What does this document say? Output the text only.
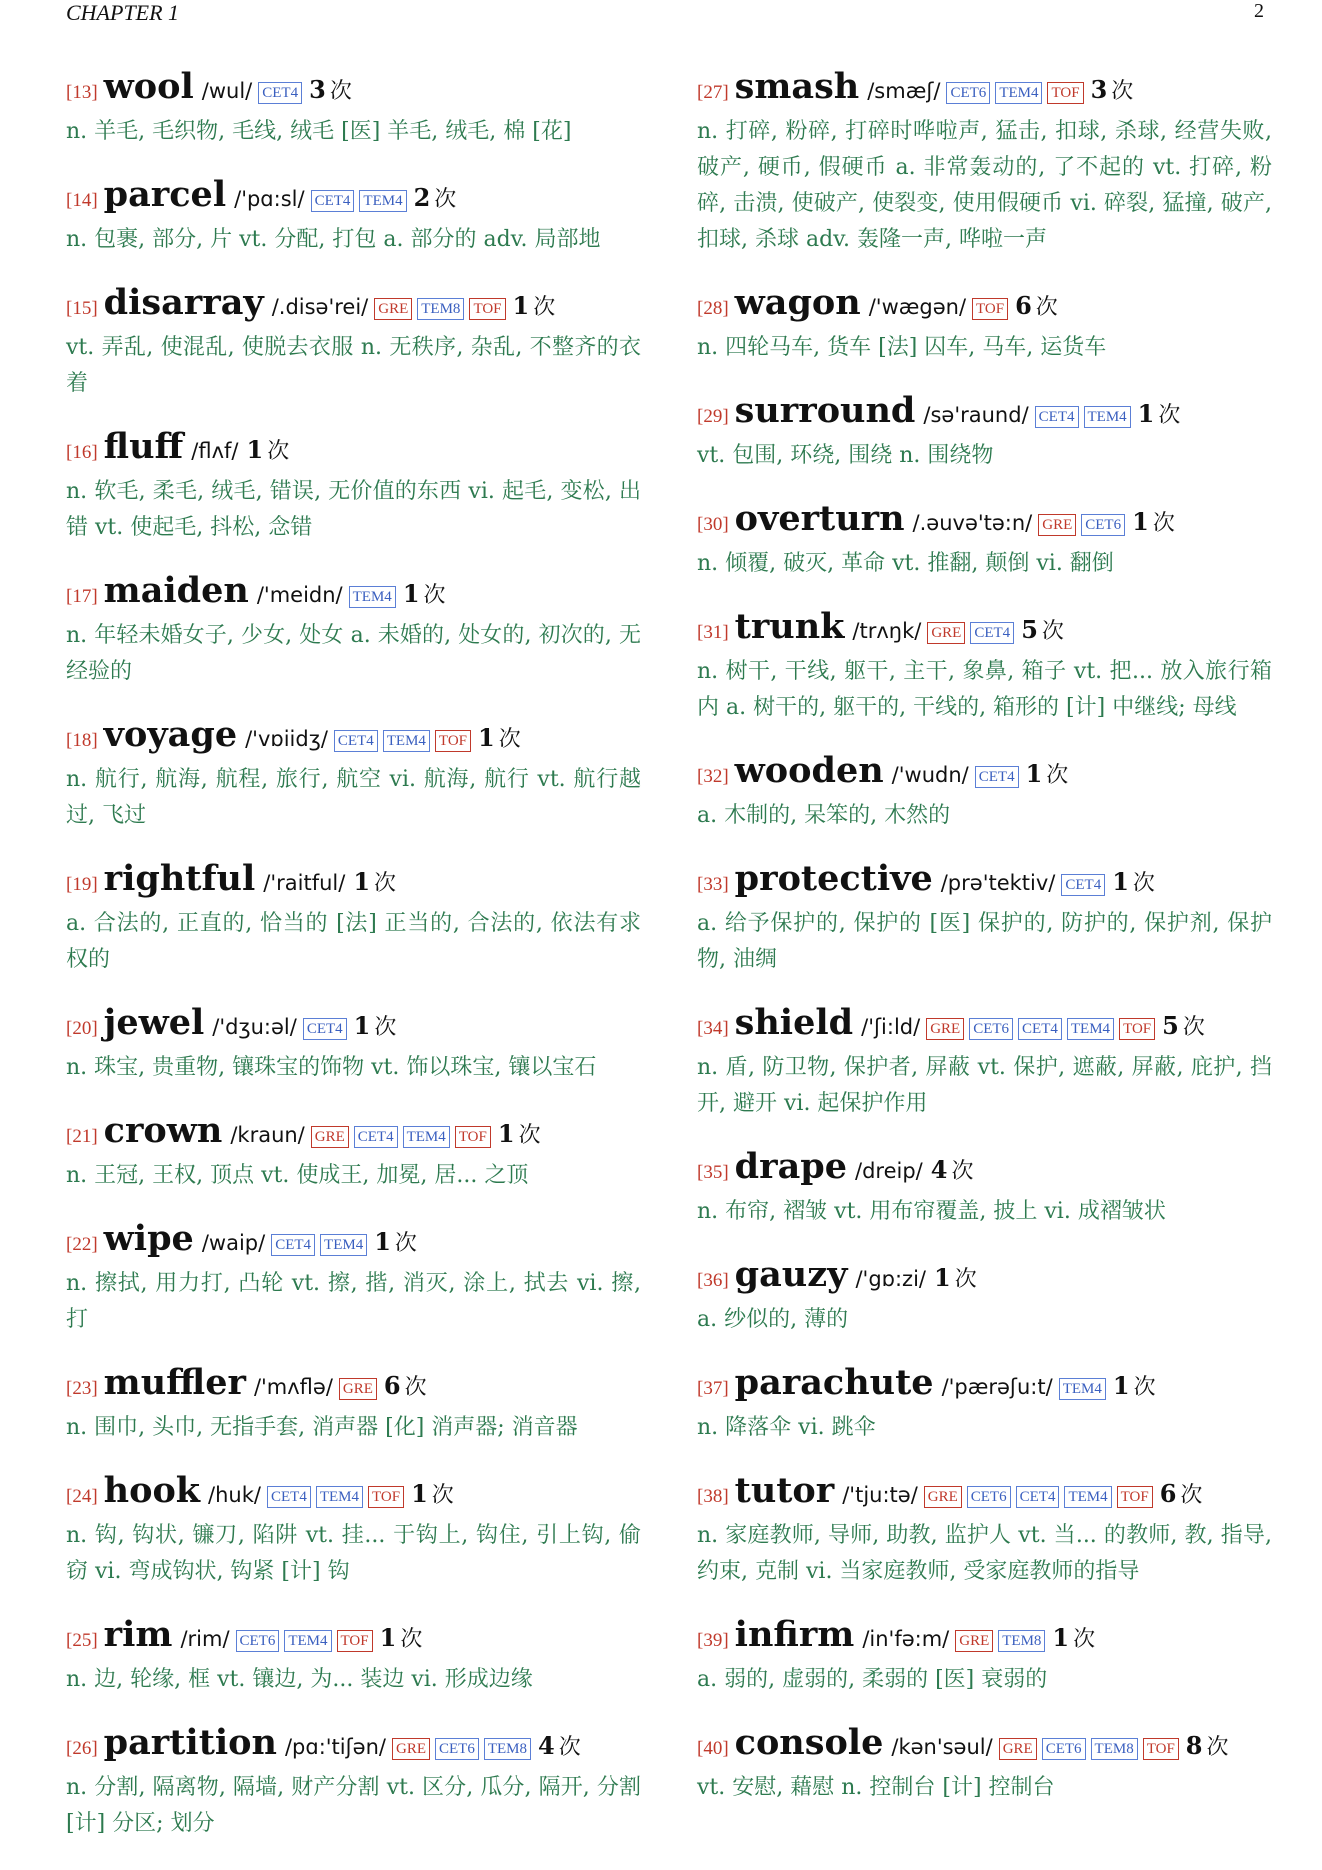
CHAPTER 1	2
[13] wool /wul/ CET4 3 次
n. 羊毛, 毛织物, 毛线, 绒毛 [医] 羊毛, 绒毛, 棉 [花]
[14] parcel /'pɑ:sl/ CET4 TEM4 2 次
n. 包裹, 部分, 片 vt. 分配, 打包 a. 部分的 adv. 局部地
[15] disarray /.disə'rei/ GRE TEM8 TOF 1 次
vt. 弄乱, 使混乱, 使脱去衣服 n. 无秩序, 杂乱, 不整齐的衣着
[16] fluff /flʌf/ 1 次
n. 软毛, 柔毛, 绒毛, 错误, 无价值的东西 vi. 起毛, 变松, 出错 vt. 使起毛, 抖松, 念错
[17] maiden /'meidn/ TEM4 1 次
n. 年轻未婚女子, 少女, 处女 a. 未婚的, 处女的, 初次的, 无经验的
[18] voyage /'vɒiidʒ/ CET4 TEM4 TOF 1 次
n. 航行, 航海, 航程, 旅行, 航空 vi. 航海, 航行 vt. 航行越过, 飞过
[19] rightful /'raitful/ 1 次
a. 合法的, 正直的, 恰当的 [法] 正当的, 合法的, 依法有求权的
[20] jewel /'dʒu:əl/ CET4 1 次
n. 珠宝, 贵重物, 镶珠宝的饰物 vt. 饰以珠宝, 镶以宝石
[21] crown /kraun/ GRE CET4 TEM4 TOF 1 次
n. 王冠, 王权, 顶点 vt. 使成王, 加冕, 居... 之顶
[22] wipe /waip/ CET4 TEM4 1 次
n. 擦拭, 用力打, 凸轮 vt. 擦, 揩, 消灭, 涂上, 拭去 vi. 擦, 打
[23] muffler /'mʌflə/ GRE 6 次
n. 围巾, 头巾, 无指手套, 消声器 [化] 消声器; 消音器
[24] hook /huk/ CET4 TEM4 TOF 1 次
n. 钩, 钩状, 镰刀, 陷阱 vt. 挂... 于钩上, 钩住, 引上钩, 偷窃 vi. 弯成钩状, 钩紧 [计] 钩
[25] rim /rim/ CET6 TEM4 TOF 1 次
n. 边, 轮缘, 框 vt. 镶边, 为... 装边 vi. 形成边缘
[26] partition /pɑ:'tiʃən/ GRE CET6 TEM8 4 次
n. 分割, 隔离物, 隔墙, 财产分割 vt. 区分, 瓜分, 隔开, 分割 [计] 分区; 划分
[27] smash /smæʃ/ CET6 TEM4 TOF 3 次
n. 打碎, 粉碎, 打碎时哗啦声, 猛击, 扣球, 杀球, 经营失败, 破产, 硬币, 假硬币 a. 非常轰动的, 了不起的 vt. 打碎, 粉碎, 击溃, 使破产, 使裂变, 使用假硬币 vi. 碎裂, 猛撞, 破产, 扣球, 杀球 adv. 轰隆一声, 哗啦一声
[28] wagon /'wægən/ TOF 6 次
n. 四轮马车, 货车 [法] 囚车, 马车, 运货车
[29] surround /sə'raund/ CET4 TEM4 1 次
vt. 包围, 环绕, 围绕 n. 围绕物
[30] overturn /.əuvə'tə:n/ GRE CET6 1 次
n. 倾覆, 破灭, 革命 vt. 推翻, 颠倒 vi. 翻倒
[31] trunk /trʌŋk/ GRE CET4 5 次
n. 树干, 干线, 躯干, 主干, 象鼻, 箱子 vt. 把... 放入旅行箱内 a. 树干的, 躯干的, 干线的, 箱形的 [计] 中继线; 母线
[32] wooden /'wudn/ CET4 1 次
a. 木制的, 呆笨的, 木然的
[33] protective /prə'tektiv/ CET4 1 次
a. 给予保护的, 保护的 [医] 保护的, 防护的, 保护剂, 保护物, 油绸
[34] shield /'ʃi:ld/ GRE CET6 CET4 TEM4 TOF 5 次
n. 盾, 防卫物, 保护者, 屏蔽 vt. 保护, 遮蔽, 屏蔽, 庇护, 挡开, 避开 vi. 起保护作用
[35] drape /dreip/ 4 次
n. 布帘, 褶皱 vt. 用布帘覆盖, 披上 vi. 成褶皱状
[36] gauzy /'gɒ:zi/ 1 次
a. 纱似的, 薄的
[37] parachute /'pærəʃu:t/ TEM4 1 次
n. 降落伞 vi. 跳伞
[38] tutor /'tju:tə/ GRE CET6 CET4 TEM4 TOF 6 次
n. 家庭教师, 导师, 助教, 监护人 vt. 当... 的教师, 教, 指导, 约束, 克制 vi. 当家庭教师, 受家庭教师的指导
[39] infirm /in'fə:m/ GRE TEM8 1 次
a. 弱的, 虚弱的, 柔弱的 [医] 衰弱的
[40] console /kən'səul/ GRE CET6 TEM8 TOF 8 次
vt. 安慰, 藉慰 n. 控制台 [计] 控制台
